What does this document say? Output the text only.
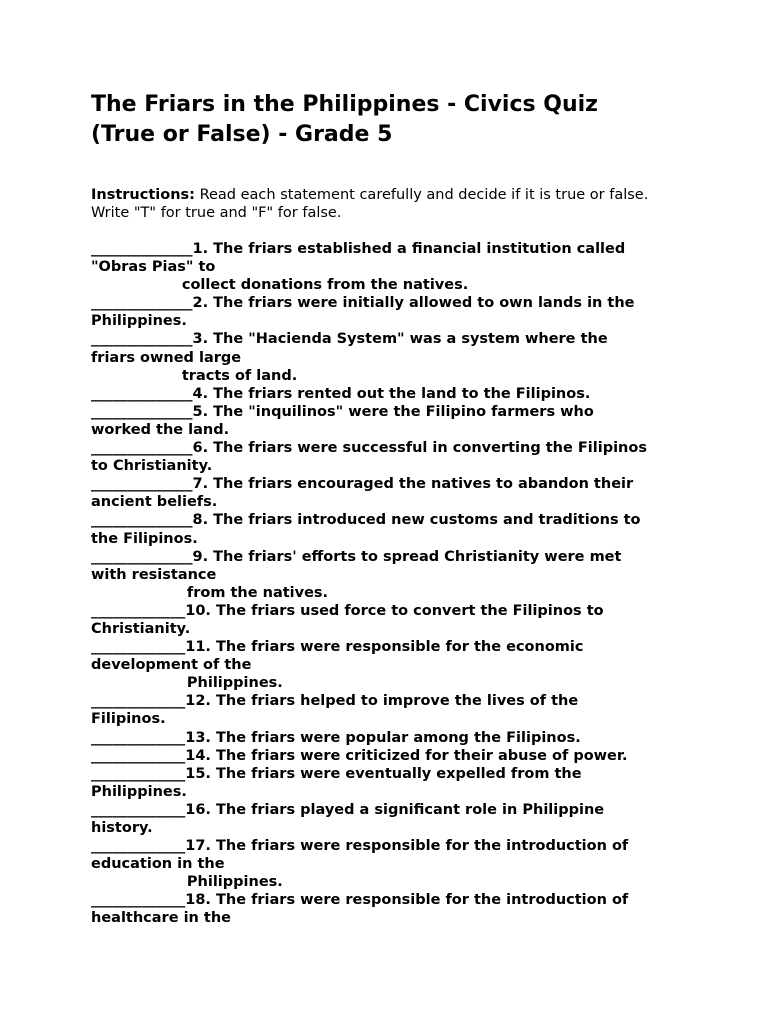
The Friars in the Philippines - Civics Quiz
(True or False) - Grade 5
Instructions: Read each statement carefully and decide if it is true or false.
Write "T" for true and "F" for false.
______________1. The friars established a financial institution called
"Obras Pias" to
collect donations from the natives.
______________2. The friars were initially allowed to own lands in the
Philippines.
______________3. The "Hacienda System" was a system where the
friars owned large
tracts of land.
______________4. The friars rented out the land to the Filipinos.
______________5. The "inquilinos" were the Filipino farmers who
worked the land.
______________6. The friars were successful in converting the Filipinos
to Christianity.
______________7. The friars encouraged the natives to abandon their
ancient beliefs.
______________8. The friars introduced new customs and traditions to
the Filipinos.
______________9. The friars' efforts to spread Christianity were met
with resistance
from the natives.
_____________10. The friars used force to convert the Filipinos to
Christianity.
_____________11. The friars were responsible for the economic
development of the
Philippines.
_____________12. The friars helped to improve the lives of the
Filipinos.
_____________13. The friars were popular among the Filipinos.
_____________14. The friars were criticized for their abuse of power.
_____________15. The friars were eventually expelled from the
Philippines.
_____________16. The friars played a significant role in Philippine
history.
_____________17. The friars were responsible for the introduction of
education in the
Philippines.
_____________18. The friars were responsible for the introduction of
healthcare in the
